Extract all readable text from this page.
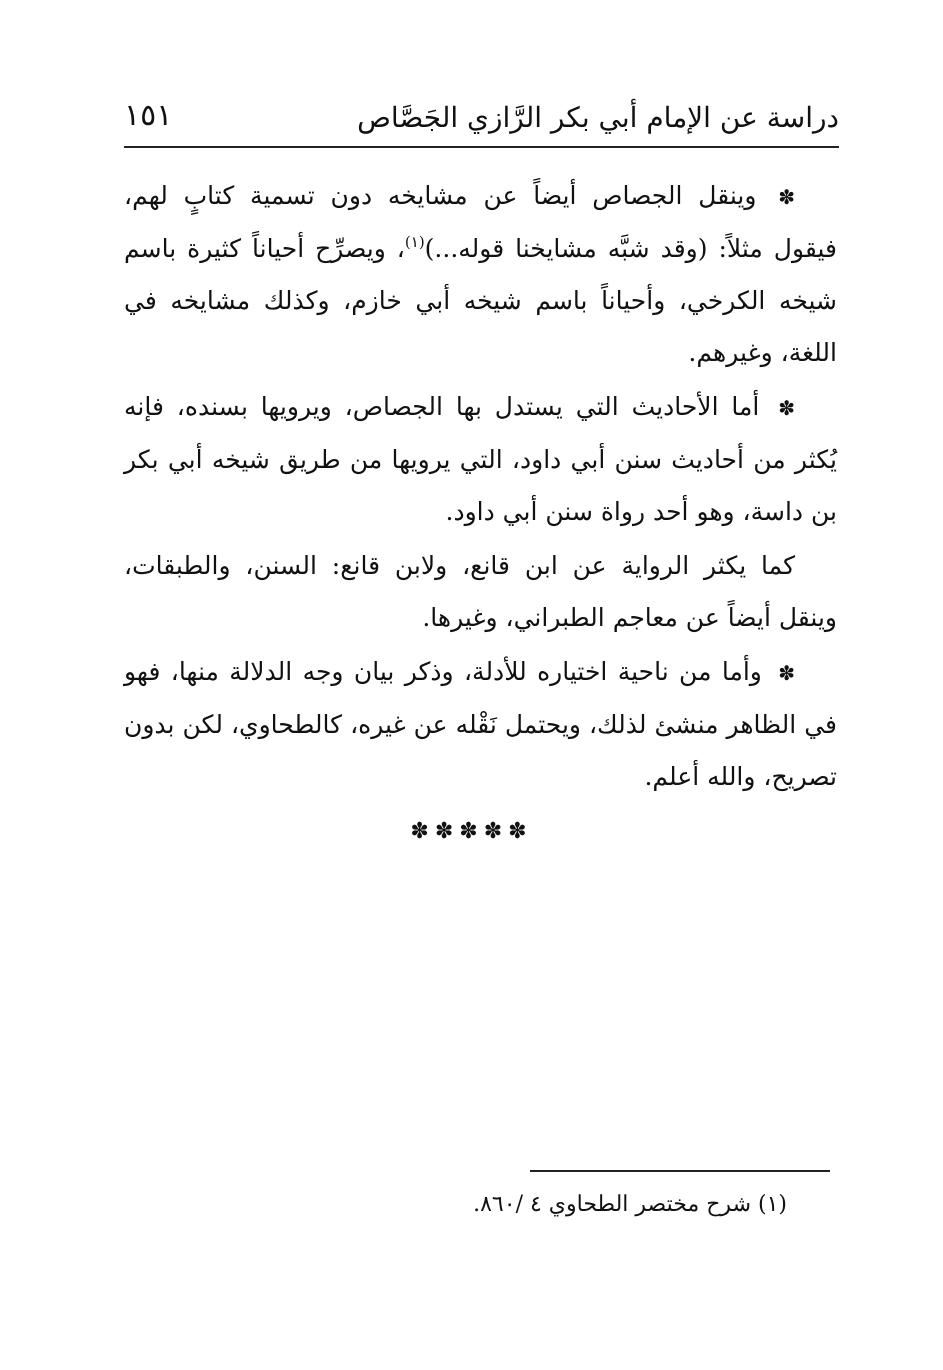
دراسة عن الإمام أبي بكر الرَّازي الجَصَّاص
١٥١

✽ وينقل الجصاص أيضاً عن مشايخه دون تسمية كتابٍ لهم، فيقول مثلاً: (وقد شبَّه مشايخنا قوله...)$^{(١)}$، ويصرِّح أحياناً كثيرة باسم شيخه الكرخي، وأحياناً باسم شيخه أبي خازم، وكذلك مشايخه في اللغة، وغيرهم.

✽ أما الأحاديث التي يستدل بها الجصاص، ويرويها بسنده، فإنه يُكثر من أحاديث سنن أبي داود، التي يرويها من طريق شيخه أبي بكر بن داسة، وهو أحد رواة سنن أبي داود.

كما يكثر الرواية عن ابن قانع، ولابن قانع: السنن، والطبقات، وينقل أيضاً عن معاجم الطبراني، وغيرها.

✽ وأما من ناحية اختياره للأدلة، وذكر بيان وجه الدلالة منها، فهو في الظاهر منشئ لذلك، ويحتمل نَقْله عن غيره، كالطحاوي، لكن بدون تصريح، والله أعلم.

✽✽✽✽✽
(١) شرح مختصر الطحاوي ٤ /٨٦٠.
